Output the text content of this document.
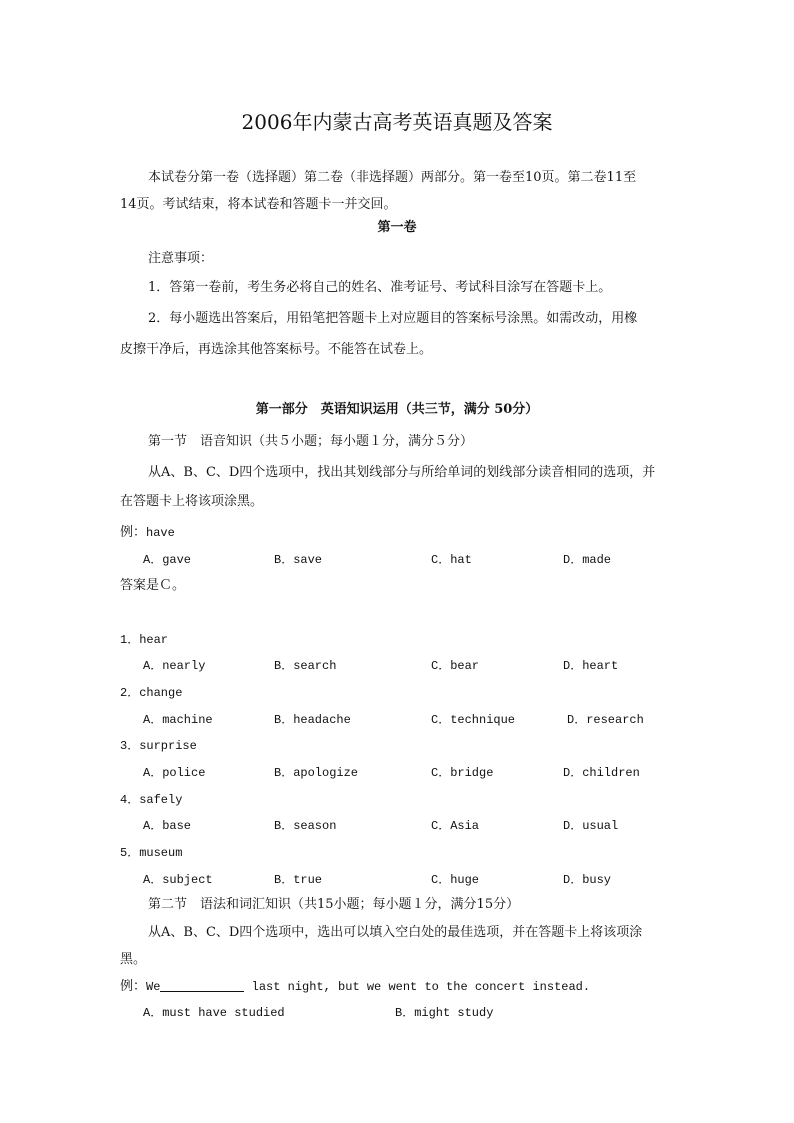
2006年内蒙古高考英语真题及答案
本试卷分第一卷（选择题）第二卷（非选择题）两部分。第一卷至10页。第二卷11至
14页。考试结束，将本试卷和答题卡一并交回。
第一卷
注意事项：
1．答第一卷前，考生务必将自己的姓名、准考证号、考试科目涂写在答题卡上。
2．每小题选出答案后，用铅笔把答题卡上对应题目的答案标号涂黑。如需改动，用橡
皮擦干净后，再选涂其他答案标号。不能答在试卷上。
第一部分　英语知识运用（共三节，满分 50分）
第一节　语音知识（共５小题；每小题１分，满分５分）
从A、B、C、D四个选项中，找出其划线部分与所给单词的划线部分读音相同的选项，并
在答题卡上将该项涂黑。
例：have
A．gave	B．save	C．hat	D．made
答案是Ｃ。
1．hear
A．nearly	B．search	C．bear	D．heart
2．change
A．machine	B．headache	C．technique	D．research
3．surprise
A．police	B．apologize	C．bridge	D．children
4．safely
A．base	B．season	C．Asia	D．usual
5．museum
A．subject	B．true	C．huge	D．busy
第二节　语法和词汇知识（共15小题；每小题１分，满分15分）
从A、B、C、D四个选项中，选出可以填入空白处的最佳选项，并在答题卡上将该项涂
黑。
例：We	last night, but we went to the concert instead.
A．must have studied	B．might study
